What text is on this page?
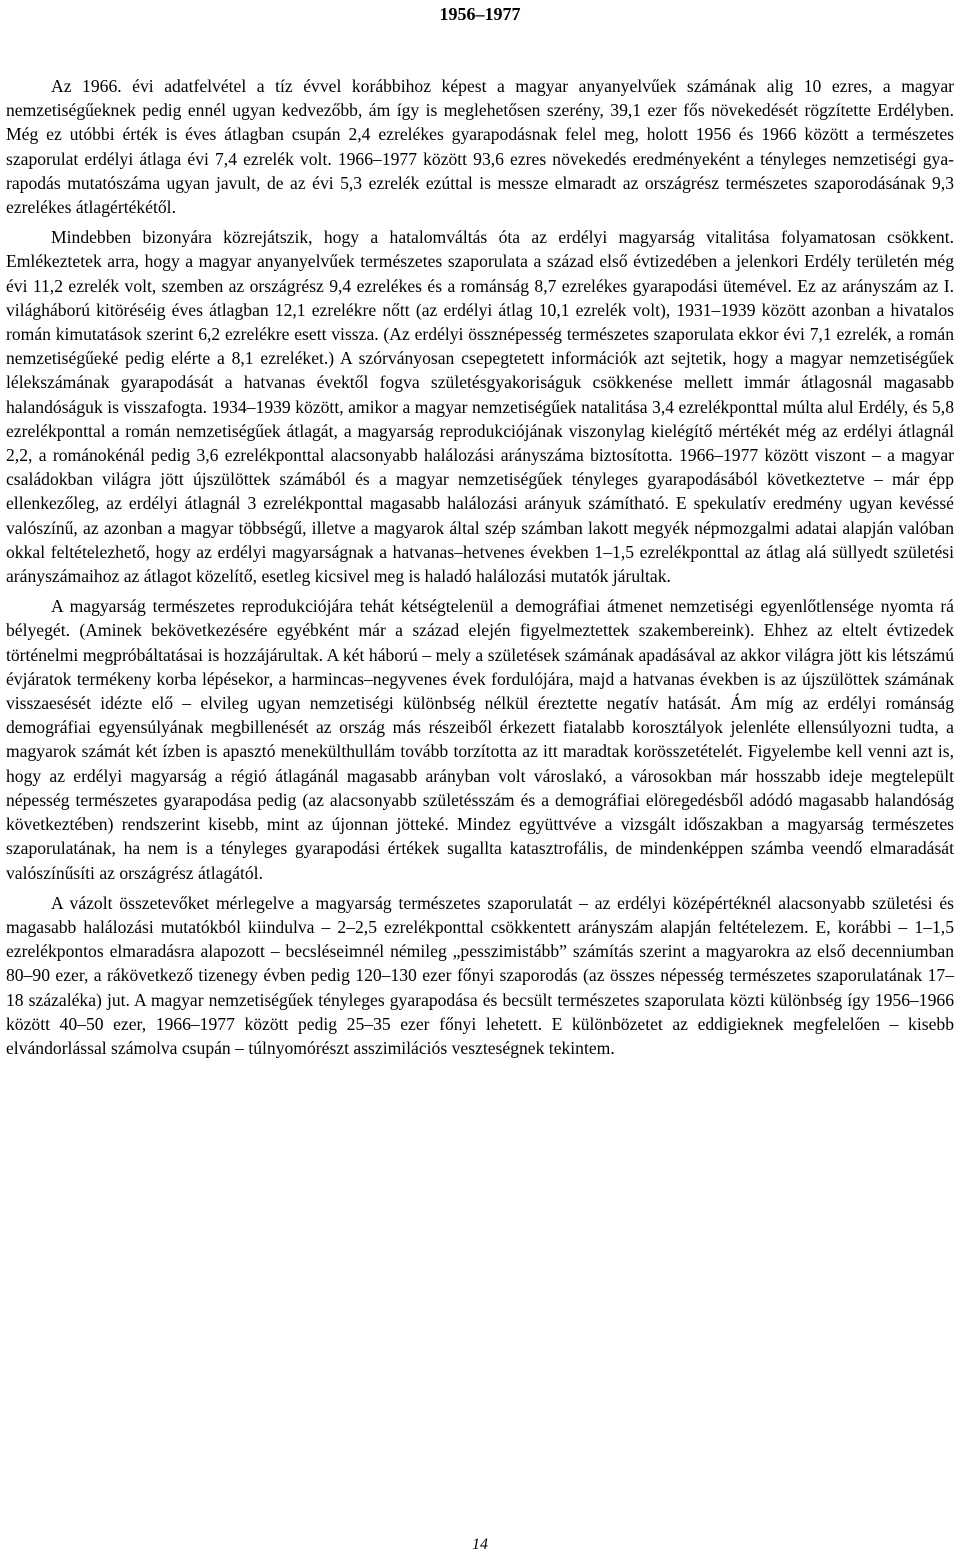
1956–1977

Az 1966. évi adatfelvétel a tíz évvel korábbihoz képest a magyar anyanyelvűek számának alig 10 ezres, a magyar nemzetiségűeknek pedig ennél ugyan kedvezőbb, ám így is meglehetősen szerény, 39,1 ezer fős növekedését rögzítette Erdélyben. Még ez utóbbi érték is éves átlagban csupán 2,4 ezrelékes gyarapodásnak felel meg, holott 1956 és 1966 között a természetes szaporulat erdélyi átlaga évi 7,4 ezrelék volt. 1966–1977 között 93,6 ezres növekedés eredményeként a tényleges nemzetiségi gyarapodás mutatószáma ugyan javult, de az évi 5,3 ezrelék ezúttal is messze elmaradt az országrész természetes szaporodásának 9,3 ezrelékes átlagértékétől.

Mindebben bizonyára közrejátszik, hogy a hatalomváltás óta az erdélyi magyarság vitalitása folyamatosan csökkent. Emlékeztetek arra, hogy a magyar anyanyelvűek természetes szaporulata a század első évtizedében a jelenkori Erdély területén még évi 11,2 ezrelék volt, szemben az országrész 9,4 ezrelékes és a románság 8,7 ezrelékes gyarapodási ütemével. Ez az arányszám az I. világháború kitöréséig éves átlagban 12,1 ezrelékre nőtt (az erdélyi átlag 10,1 ezrelék volt), 1931–1939 között azonban a hivatalos román kimutatások szerint 6,2 ezrelékre esett vissza. (Az erdélyi össznépesség természetes szaporulata ekkor évi 7,1 ezrelék, a román nemzetiségűeké pedig elérte a 8,1 ezreléket.) A szórványosan csepegtetett információk azt sejtetik, hogy a magyar nemzetiségűek lélekszámának gyarapodását a hatvanas évektől fogva születésgyakoriságuk csökkenése mellett immár átlagosnál magasabb halandóságuk is visszafogta. 1934–1939 között, amikor a magyar nemzetiségűek natalitása 3,4 ezrelékponttal múlta alul Erdély, és 5,8 ezrelékponttal a román nemzetiségűek átlagát, a magyarság reprodukciójának viszonylag kielégítő mértékét még az erdélyi átlagnál 2,2, a románokénál pedig 3,6 ezrelékponttal alacsonyabb halálozási arányszáma biztosította. 1966–1977 között viszont – a magyar családokban világra jött újszülöttek számából és a magyar nemzetiségűek tényleges gyarapodásából következtetve – már épp ellenkezőleg, az erdélyi átlagnál 3 ezrelékponttal magasabb halálozási arányuk számítható. E spekulatív eredmény ugyan kevéssé valószínű, az azonban a magyar többségű, illetve a magyarok által szép számban lakott megyék népmozgalmi adatai alapján valóban okkal feltételezhető, hogy az erdélyi magyarságnak a hatvanas–hetvenes években 1–1,5 ezrelékponttal az átlag alá süllyedt születési arányszámaihoz az átlagot közelítő, esetleg kicsivel meg is haladó halálozási mutatók járultak.

A magyarság természetes reprodukciójára tehát kétségtelenül a demográfiai átmenet nemzetiségi egyenlőtlensége nyomta rá bélyegét. (Aminek bekövetkezésére egyébként már a század elején figyelmeztettek szakembereink). Ehhez az eltelt évtizedek történelmi megpróbáltatásai is hozzájárultak. A két háború – mely a születések számának apadásával az akkor világra jött kis létszámú évjáratok termékeny korba lépésekor, a harmincas–negyvenes évek fordulójára, majd a hatvanas években is az újszülöttek számának visszaesését idézte elő – elvileg ugyan nemzetiségi különbség nélkül éreztette negatív hatását. Ám míg az erdélyi románság demográfiai egyensúlyának megbillenését az ország más részeiből érkezett fiatalabb korosztályok jelenléte ellensúlyozni tudta, a magyarok számát két ízben is apasztó menekülthullám tovább torzította az itt maradtak korösszetételét. Figyelembe kell venni azt is, hogy az erdélyi magyarság a régió átlagánál magasabb arányban volt városlakó, a városokban már hosszabb ideje megtelepült népesség természetes gyarapodása pedig (az alacsonyabb születésszám és a demográfiai elöregedésből adódó magasabb halandóság következtében) rendszerint kisebb, mint az újonnan jötteké. Mindez együttvéve a vizsgált időszakban a magyarság természetes szaporulatának, ha nem is a tényleges gyarapodási értékek sugallta katasztrofális, de mindenképpen számba veendő elmaradását valószínűsíti az országrész átlagától.

A vázolt összetevőket mérlegelve a magyarság természetes szaporulatát – az erdélyi középértéknél alacsonyabb születési és magasabb halálozási mutatókból kiindulva – 2–2,5 ezrelékponttal csökkentett arányszám alapján feltételezem. E, korábbi – 1–1,5 ezrelékpontos elmaradásra alapozott – becsléseimnél némileg „pesszimistább” számítás szerint a magyarokra az első decenniumban 80–90 ezer, a rákövetkező tizenegy évben pedig 120–130 ezer főnyi szaporodás (az összes népesség természetes szaporulatának 17–18 százaléka) jut. A magyar nemzetiségűek tényleges gyarapodása és becsült természetes szaporulata közti különbség így 1956–1966 között 40–50 ezer, 1966–1977 között pedig 25–35 ezer főnyi lehetett. E különbözetet az eddigieknek megfelelően – kisebb elvándorlással számolva csupán – túlnyomórészt asszimilációs veszteségnek tekintem.

14
